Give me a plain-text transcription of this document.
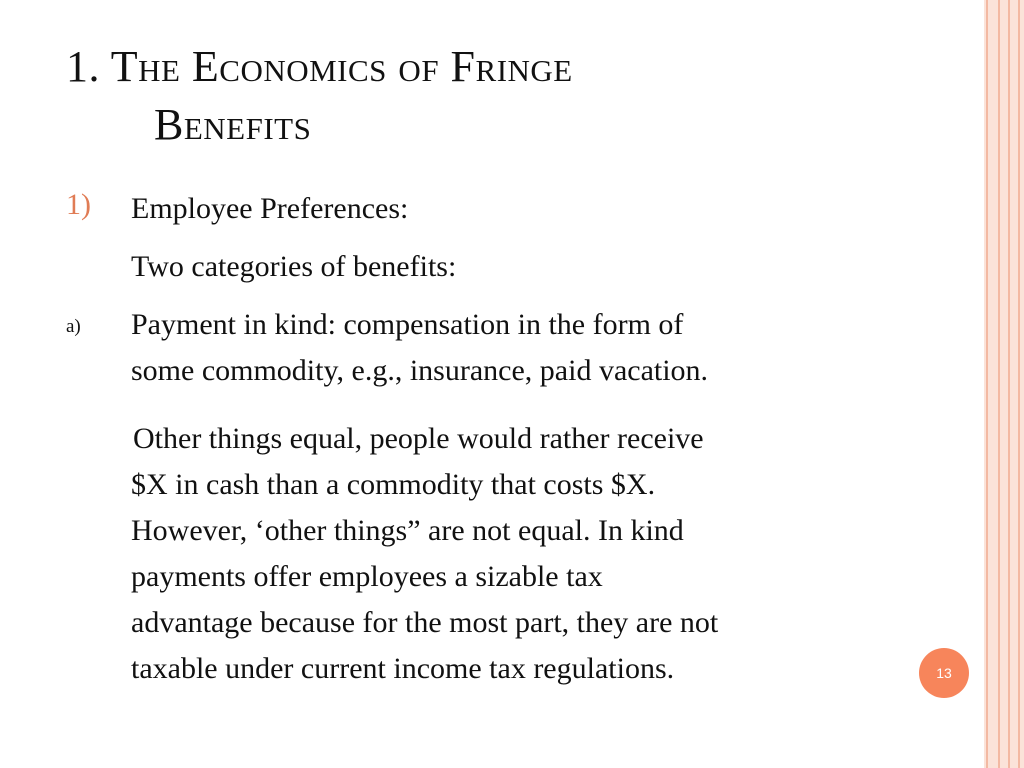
1. The Economics of Fringe
Benefits
1) Employee Preferences:
Two categories of benefits:
a) Payment in kind: compensation in the form of
some commodity, e.g., insurance, paid vacation.

Other things equal, people would rather receive
$X in cash than a commodity that costs $X.
However, ‘other things” are not equal. In kind
payments offer employees a sizable tax
advantage because for the most part, they are not
taxable under current income tax regulations.	13
